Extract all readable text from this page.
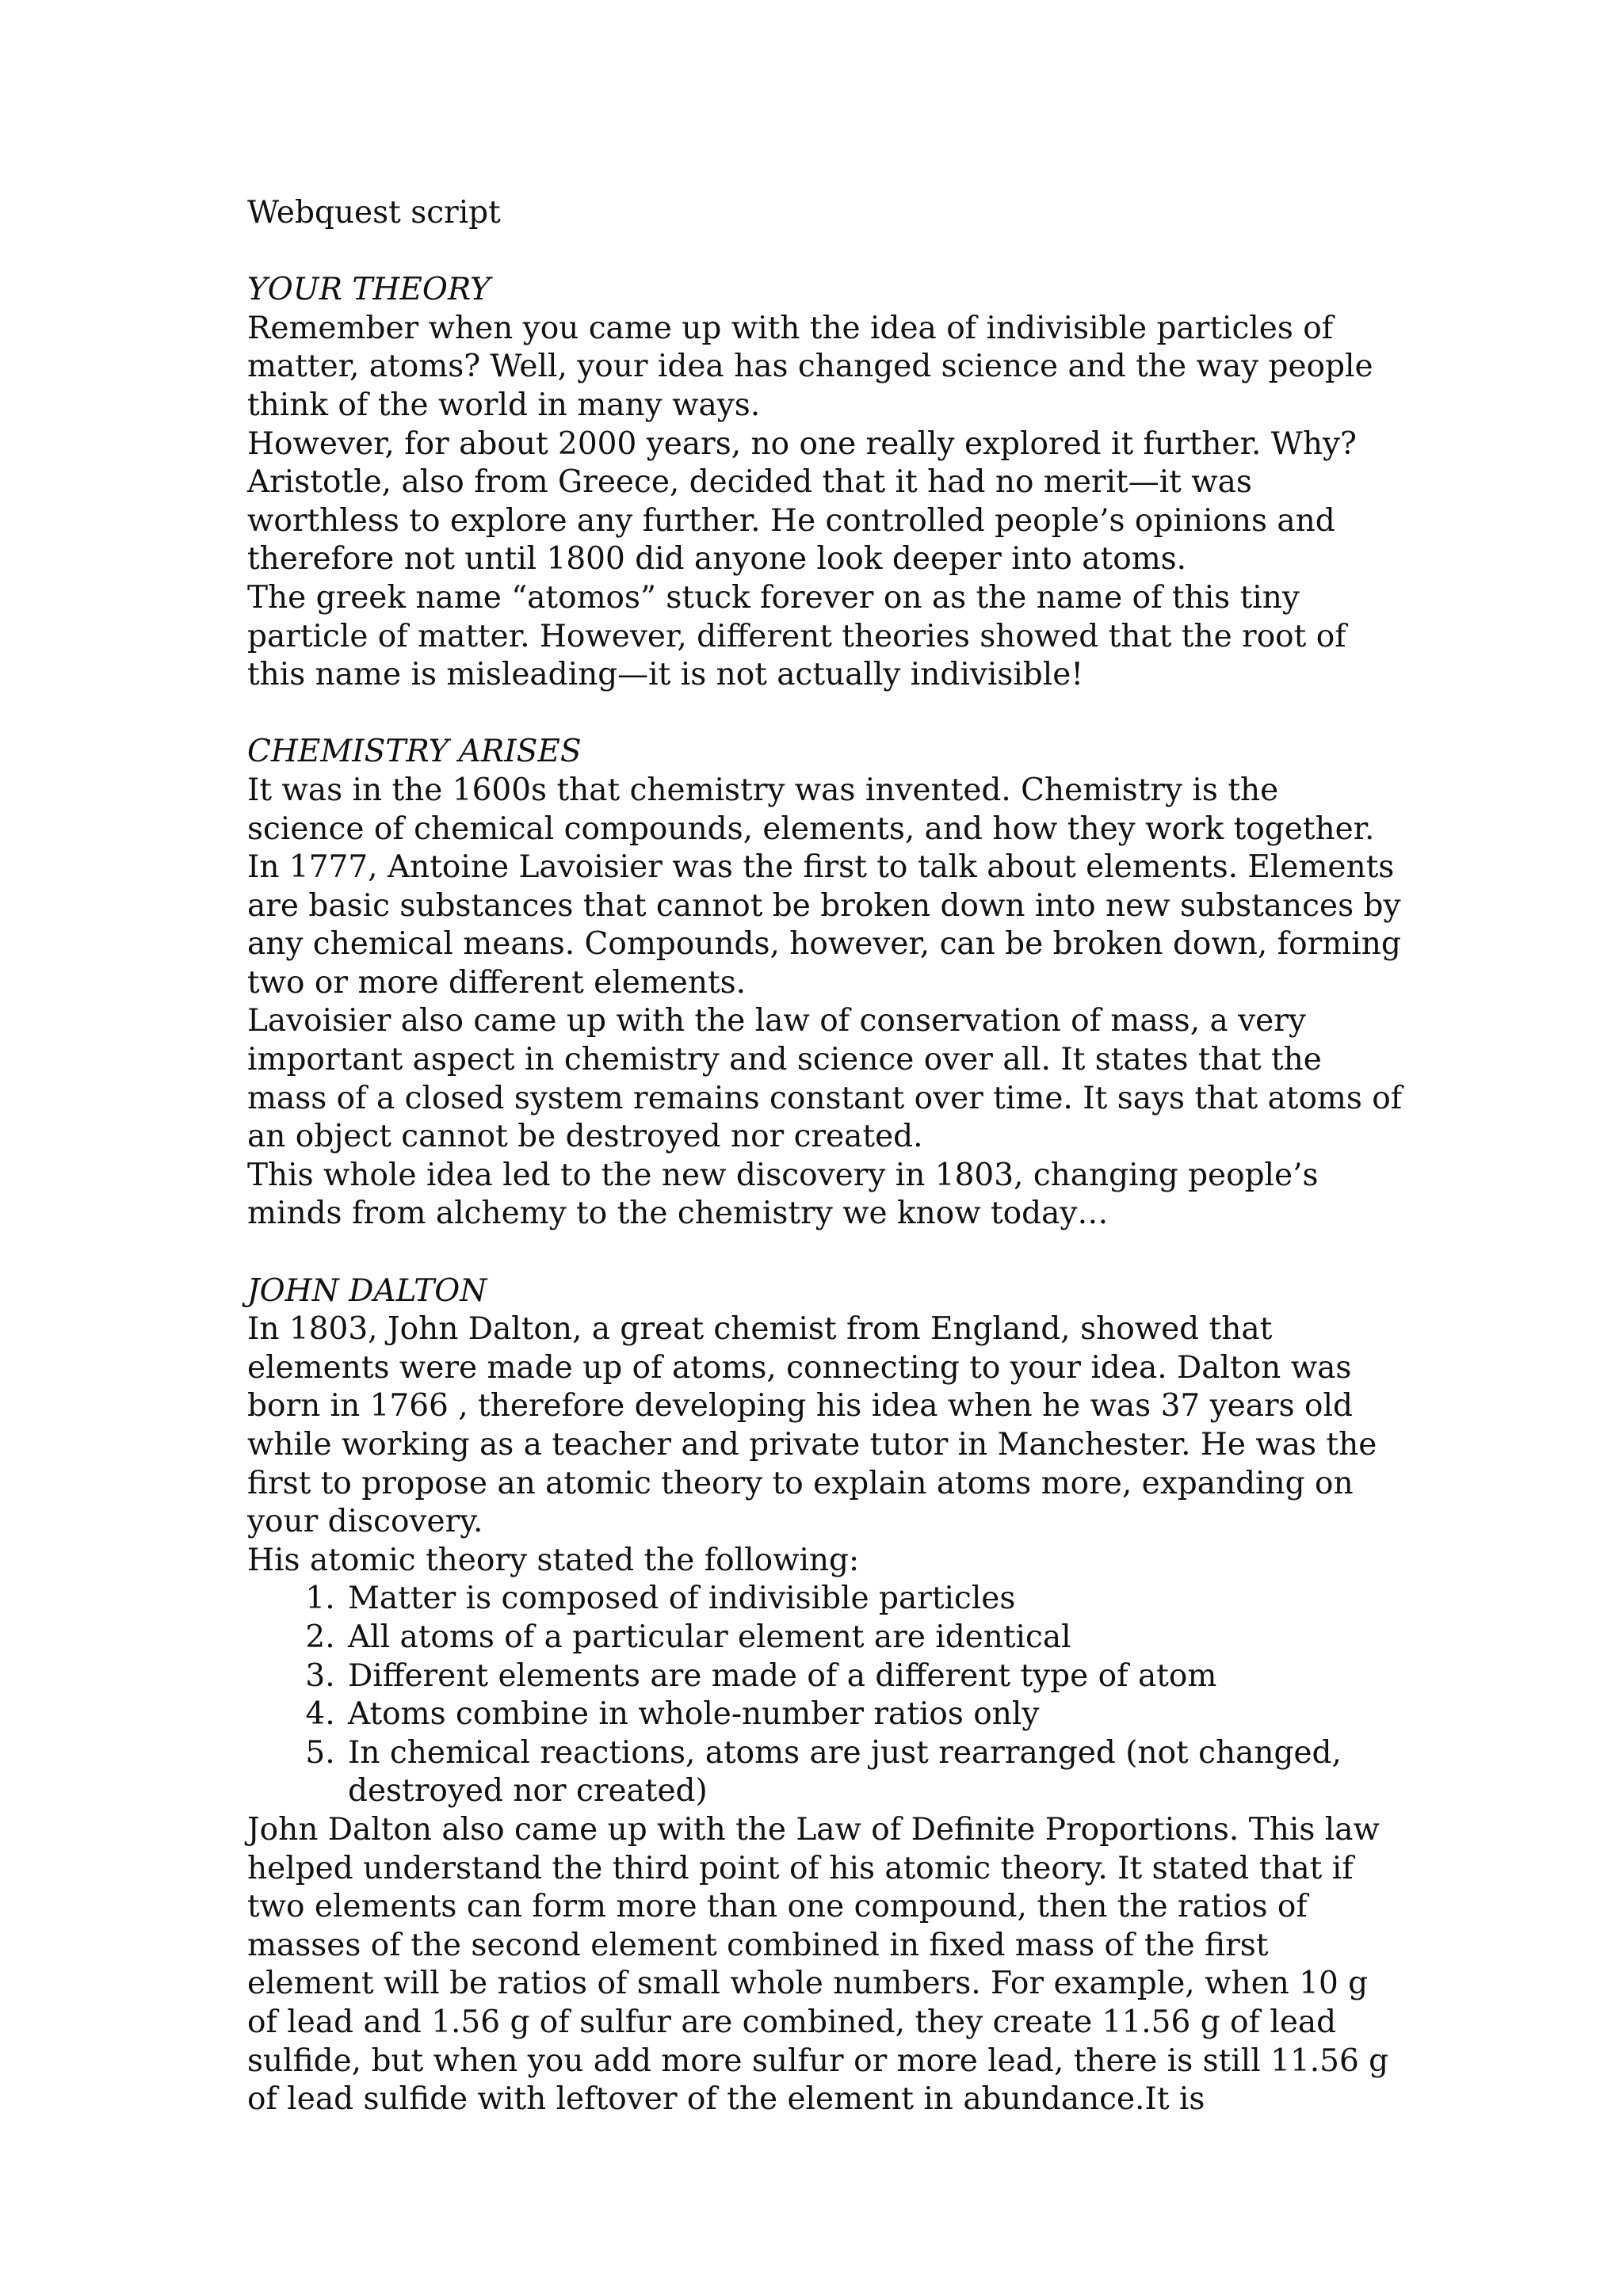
Webquest script

YOUR THEORY

Remember when you came up with the idea of indivisible particles of matter, atoms? Well, your idea has changed science and the way people think of the world in many ways.

However, for about 2000 years, no one really explored it further. Why? Aristotle, also from Greece, decided that it had no merit—it was worthless to explore any further. He controlled people’s opinions and therefore not until 1800 did anyone look deeper into atoms.

The greek name “atomos” stuck forever on as the name of this tiny particle of matter. However, different theories showed that the root of this name is misleading—it is not actually indivisible!

CHEMISTRY ARISES

It was in the 1600s that chemistry was invented. Chemistry is the science of chemical compounds, elements, and how they work together. In 1777, Antoine Lavoisier was the first to talk about elements. Elements are basic substances that cannot be broken down into new substances by any chemical means. Compounds, however, can be broken down, forming two or more different elements.

Lavoisier also came up with the law of conservation of mass, a very important aspect in chemistry and science over all. It states that the mass of a closed system remains constant over time. It says that atoms of an object cannot be destroyed nor created.

This whole idea led to the new discovery in 1803, changing people’s minds from alchemy to the chemistry we know today…

JOHN DALTON

In 1803, John Dalton, a great chemist from England, showed that elements were made up of atoms, connecting to your idea. Dalton was born in 1766 , therefore developing his idea when he was 37 years old while working as a teacher and private tutor in Manchester. He was the first to propose an atomic theory to explain atoms more, expanding on your discovery.

His atomic theory stated the following:

1. Matter is composed of indivisible particles
2. All atoms of a particular element are identical
3. Different elements are made of a different type of atom
4. Atoms combine in whole-number ratios only
5. In chemical reactions, atoms are just rearranged (not changed, destroyed nor created)

John Dalton also came up with the Law of Definite Proportions. This law helped understand the third point of his atomic theory. It stated that if two elements can form more than one compound, then the ratios of masses of the second element combined in fixed mass of the first element will be ratios of small whole numbers. For example, when 10 g of lead and 1.56 g of sulfur are combined, they create 11.56 g of lead sulfide, but when you add more sulfur or more lead, there is still 11.56 g of lead sulfide with leftover of the element in abundance.It is
